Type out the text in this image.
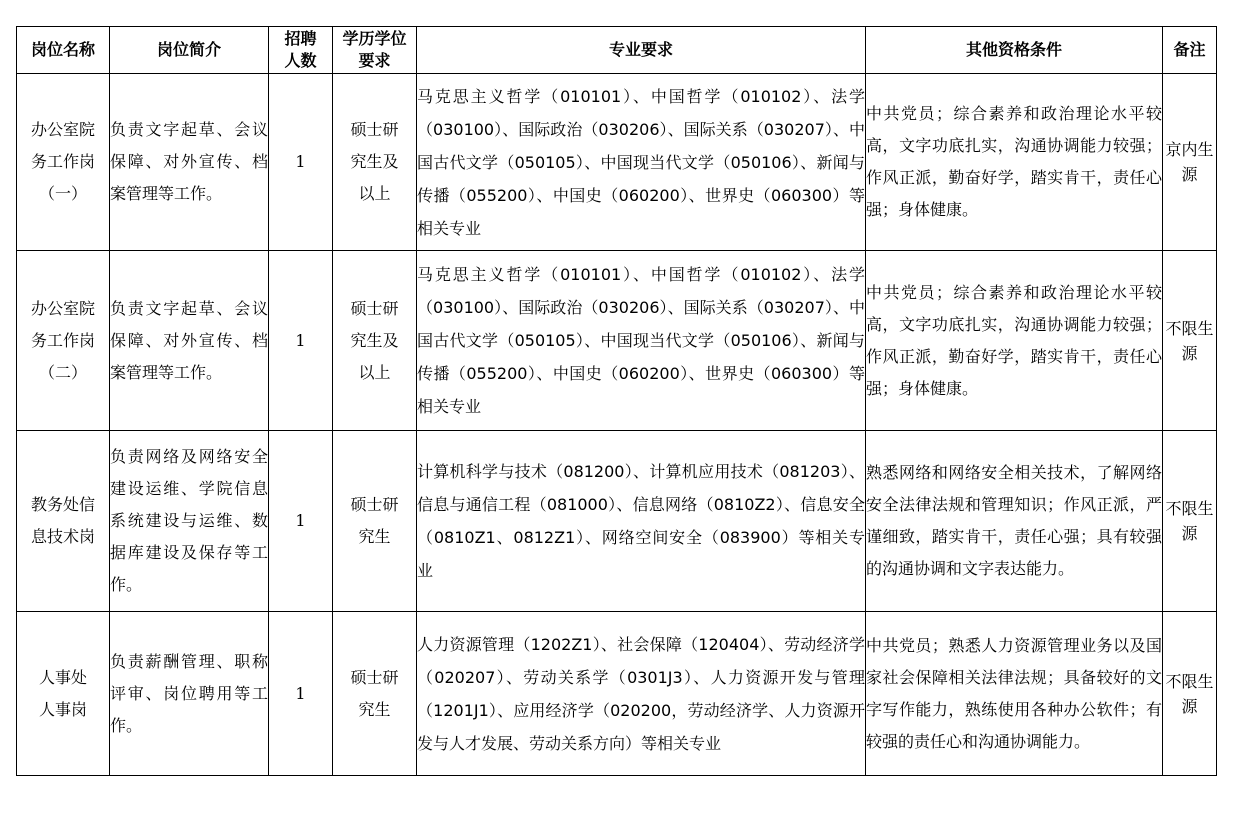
岗位名称	岗位简介	招聘人数	学历学位要求	专业要求	其他资格条件	备注

办公室院务工作岗（一）	负责文字起草、会议保障、对外宣传、档案管理等工作。	1	硕士研究生及以上	马克思主义哲学（010101）、中国哲学（010102）、法学（030100）、国际政治（030206）、国际关系（030207）、中国古代文学（050105）、中国现当代文学（050106）、新闻与传播（055200）、中国史（060200）、世界史（060300）等相关专业	中共党员；综合素养和政治理论水平较高，文字功底扎实，沟通协调能力较强；作风正派，勤奋好学，踏实肯干，责任心强；身体健康。	京内生源

办公室院务工作岗（二）	负责文字起草、会议保障、对外宣传、档案管理等工作。	1	硕士研究生及以上	马克思主义哲学（010101）、中国哲学（010102）、法学（030100）、国际政治（030206）、国际关系（030207）、中国古代文学（050105）、中国现当代文学（050106）、新闻与传播（055200）、中国史（060200）、世界史（060300）等相关专业	中共党员；综合素养和政治理论水平较高，文字功底扎实，沟通协调能力较强；作风正派，勤奋好学，踏实肯干，责任心强；身体健康。	不限生源

教务处信息技术岗	负责网络及网络安全建设运维、学院信息系统建设与运维、数据库建设及保存等工作。	1	硕士研究生	计算机科学与技术（081200）、计算机应用技术（081203）、信息与通信工程（081000）、信息网络（0810Z2）、信息安全（0810Z1、0812Z1）、网络空间安全（083900）等相关专业	熟悉网络和网络安全相关技术，了解网络安全法律法规和管理知识；作风正派，严谨细致，踏实肯干，责任心强；具有较强的沟通协调和文字表达能力。	不限生源

人事处人事岗	负责薪酬管理、职称评审、岗位聘用等工作。	1	硕士研究生	人力资源管理（1202Z1）、社会保障（120404）、劳动经济学（020207）、劳动关系学（0301J3）、人力资源开发与管理（1201J1）、应用经济学（020200，劳动经济学、人力资源开发与人才发展、劳动关系方向）等相关专业	中共党员；熟悉人力资源管理业务以及国家社会保障相关法律法规；具备较好的文字写作能力，熟练使用各种办公软件；有较强的责任心和沟通协调能力。	不限生源
